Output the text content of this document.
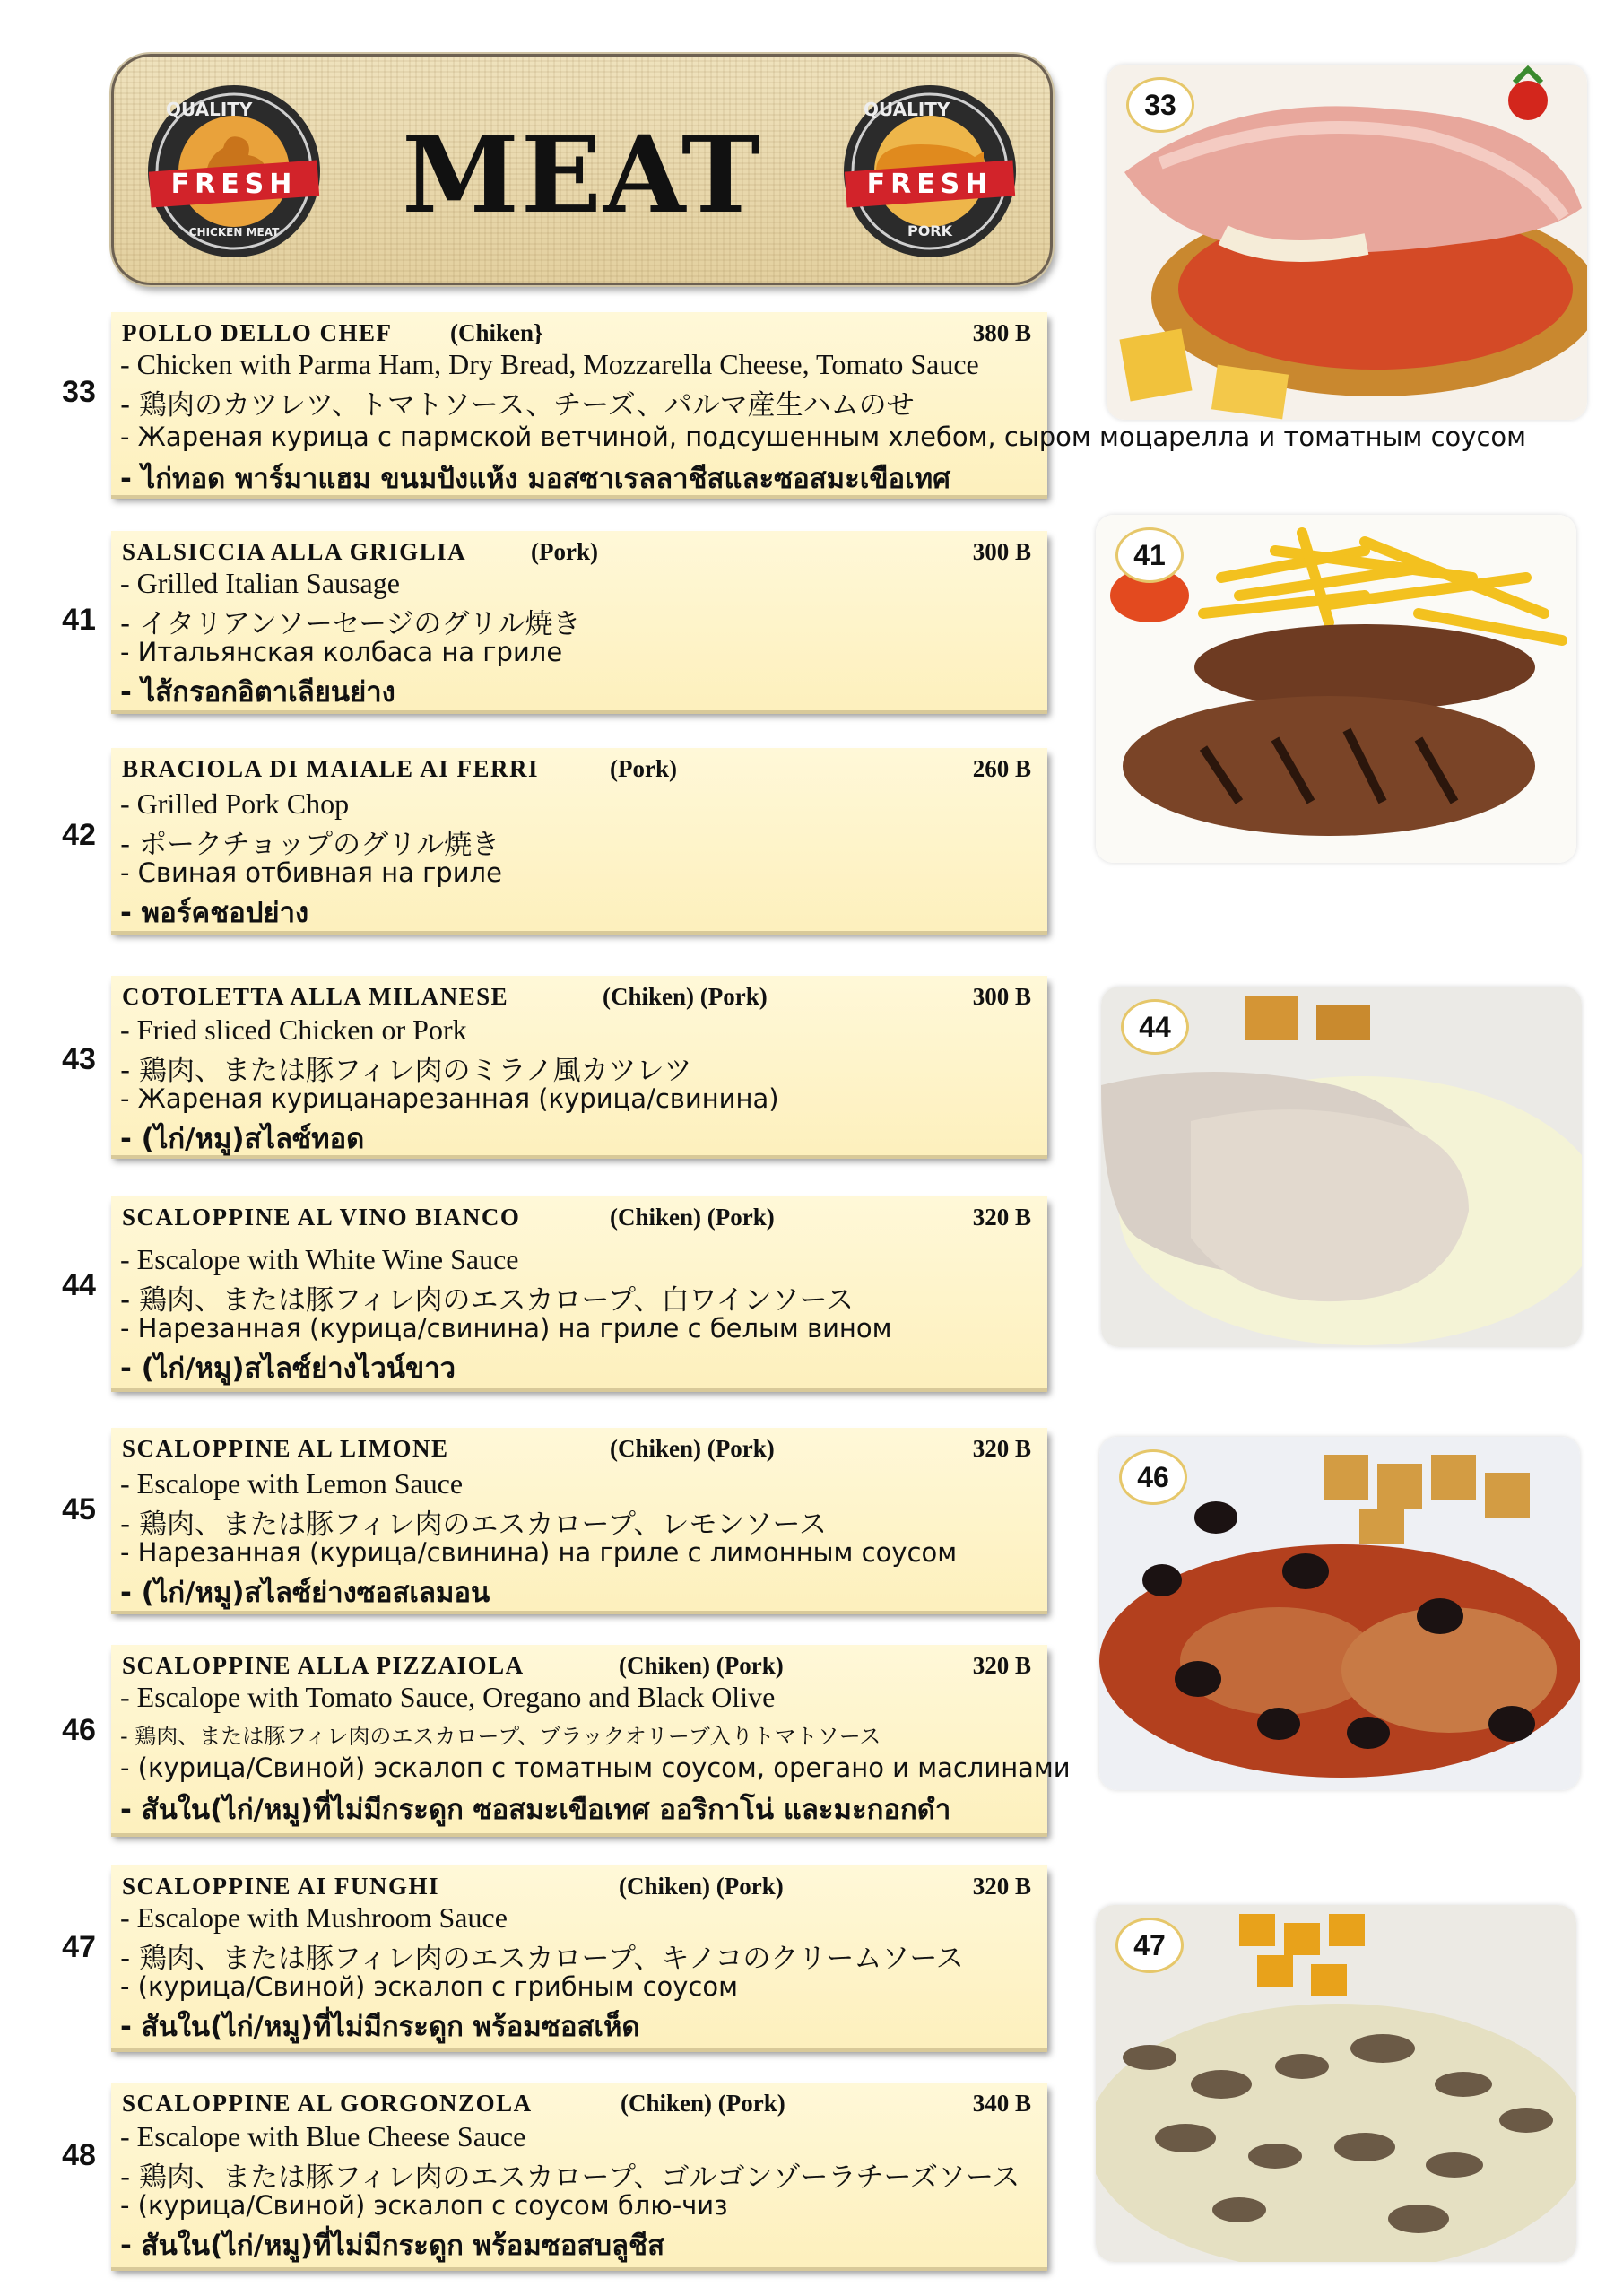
QUALITY
FRESH
CHICKEN MEAT	MEAT
QUALITY
FRESH
PORK
33
POLLO DELLO CHEF (Chiken}	380 B
- Chicken with Parma Ham, Dry Bread, Mozzarella Cheese, Tomato Sauce
- 鶏肉のカツレツ、トマトソース、チーズ、パルマ産生ハムのせ
- Жареная курица с пармской ветчиной, подсушенным хлебом, сыром моцарелла и томатным соусом
- ไก่ทอด พาร์มาแฮม ขนมปังแห้ง มอสซาเรลลาชีสและซอสมะเขือเทศ
41
SALSICCIA ALLA GRIGLIA	(Pork)	300 B
- Grilled Italian Sausage
- イタリアンソーセージのグリル焼き
- Итальянская колбаса на гриле
- ไส้กรอกอิตาเลียนย่าง
42
BRACIOLA DI MAIALE AI FERRI	(Pork)	260 B
- Grilled Pork Chop
- ポークチョップのグリル焼き
- Свиная отбивная на гриле
- พอร์คชอปย่าง
43
COTOLETTA ALLA MILANESE	(Chiken) (Pork)	300 B
- Fried sliced Chicken or Pork
- 鶏肉、または豚フィレ肉のミラノ風カツレツ
- Жареная курицанарезанная (курица/свинина)
- (ไก่/หมู)สไลซ์ทอด
44
SCALOPPINE AL VINO BIANCO	(Chiken) (Pork)	320 B
- Escalope with White Wine Sauce
- 鶏肉、または豚フィレ肉のエスカロープ、白ワインソース
- Нарезанная (курица/свинина) на гриле с белым вином
- (ไก่/หมู)สไลซ์ย่างไวน์ขาว
45
SCALOPPINE AL LIMONE	(Chiken) (Pork)	320 B
- Escalope with Lemon Sauce
- 鶏肉、または豚フィレ肉のエスカロープ、レモンソース
- Нарезанная (курица/свинина) на гриле с лимонным соусом
- (ไก่/หมู)สไลซ์ย่างซอสเลมอน
46
SCALOPPINE ALLA PIZZAIOLA	(Chiken) (Pork)	320 B
- Escalope with Tomato Sauce, Oregano and Black Olive
- 鶏肉、または豚フィレ肉のエスカロープ、ブラックオリーブ入りトマトソース
- (курица/Свиной) эскалоп с томатным соусом, орегано и маслинами
- สันใน(ไก่/หมู)ที่ไม่มีกระดูก ซอสมะเขือเทศ ออริกาโน่ และมะกอกดำ
47
SCALOPPINE AI FUNGHI	(Chiken) (Pork)	320 B
- Escalope with Mushroom Sauce
- 鶏肉、または豚フィレ肉のエスカロープ、キノコのクリームソース
- (курица/Свиной) эскалоп с грибным соусом
- สันใน(ไก่/หมู)ที่ไม่มีกระดูก พร้อมซอสเห็ด
48
SCALOPPINE AL GORGONZOLA	(Chiken) (Pork)	340 B
- Escalope with Blue Cheese Sauce
- 鶏肉、または豚フィレ肉のエスカロープ、ゴルゴンゾーラチーズソース
- (курица/Свиной) эскалоп с соусом блю-чиз
- สันใน(ไก่/หมู)ที่ไม่มีกระดูก พร้อมซอสบลูชีส
33
41
44
46
47
